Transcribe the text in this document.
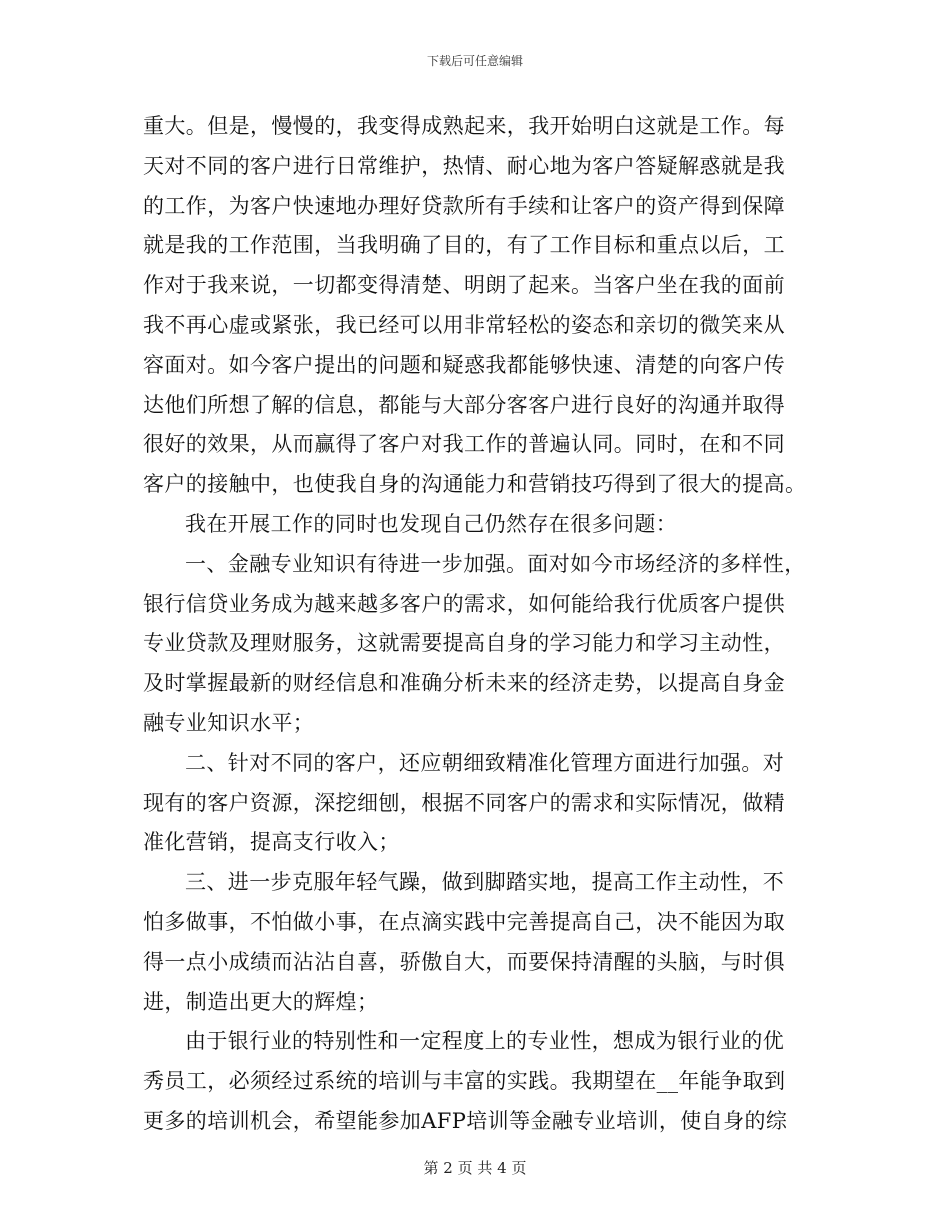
下载后可任意编辑
重大。但是，慢慢的，我变得成熟起来，我开始明白这就是工作。每
天对不同的客户进行日常维护，热情、耐心地为客户答疑解惑就是我
的工作，为客户快速地办理好贷款所有手续和让客户的资产得到保障
就是我的工作范围，当我明确了目的，有了工作目标和重点以后，工
作对于我来说，一切都变得清楚、明朗了起来。当客户坐在我的面前
我不再心虚或紧张，我已经可以用非常轻松的姿态和亲切的微笑来从
容面对。如今客户提出的问题和疑惑我都能够快速、清楚的向客户传
达他们所想了解的信息，都能与大部分客客户进行良好的沟通并取得
很好的效果，从而赢得了客户对我工作的普遍认同。同时，在和不同
客户的接触中，也使我自身的沟通能力和营销技巧得到了很大的提高。
我在开展工作的同时也发现自己仍然存在很多问题：
一、金融专业知识有待进一步加强。面对如今市场经济的多样性，
银行信贷业务成为越来越多客户的需求，如何能给我行优质客户提供
专业贷款及理财服务，这就需要提高自身的学习能力和学习主动性，
及时掌握最新的财经信息和准确分析未来的经济走势，以提高自身金
融专业知识水平；
二、针对不同的客户，还应朝细致精准化管理方面进行加强。对
现有的客户资源，深挖细刨，根据不同客户的需求和实际情况，做精
准化营销，提高支行收入；
三、进一步克服年轻气躁，做到脚踏实地，提高工作主动性，不
怕多做事，不怕做小事，在点滴实践中完善提高自己，决不能因为取
得一点小成绩而沾沾自喜，骄傲自大，而要保持清醒的头脑，与时俱
进，制造出更大的辉煌；
由于银行业的特别性和一定程度上的专业性，想成为银行业的优
秀员工，必须经过系统的培训与丰富的实践。我期望在__年能争取到
更多的培训机会，希望能参加AFP培训等金融专业培训，使自身的综
第 2 页 共 4 页
